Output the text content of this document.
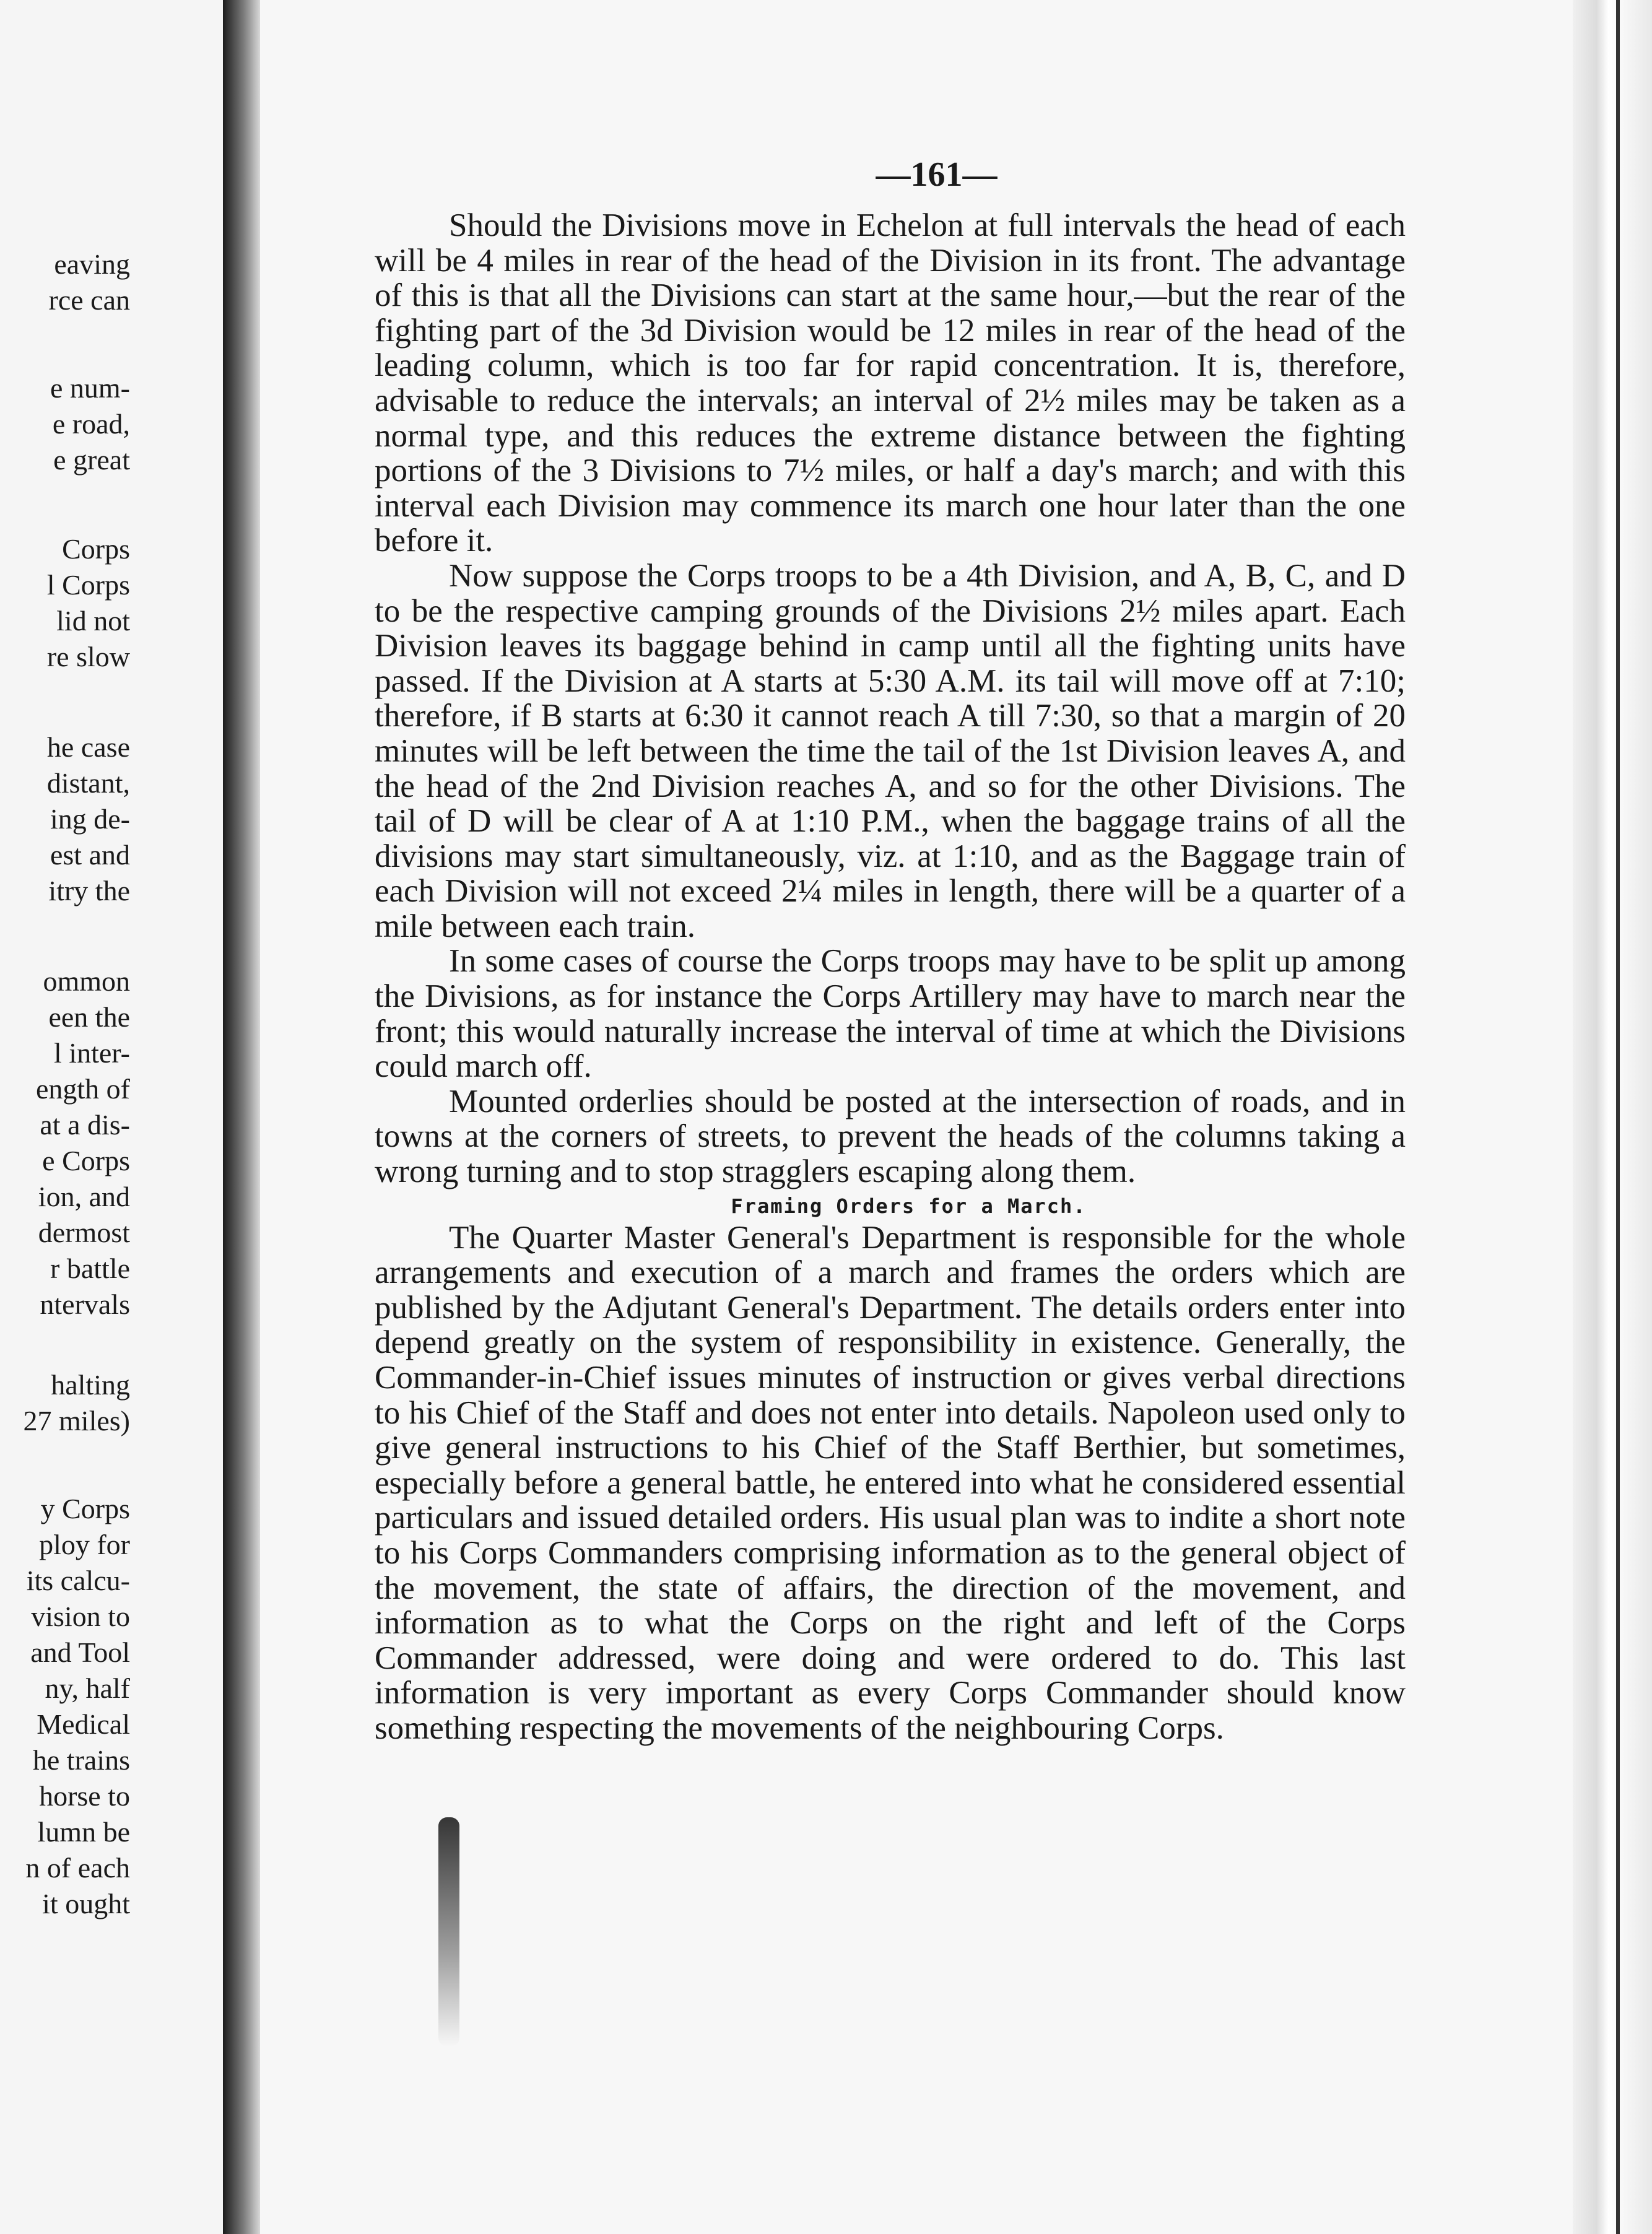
eaving
rce can
e num-
e road,
e great
Corps
l Corps
lid not
re slow
he case
distant,
ing de-
est and
itry the
ommon
een the
l inter-
ength of
at a dis-
e Corps
ion, and
dermost
r battle
ntervals
halting
27 miles)
y Corps
ploy for
its calcu-
vision to
and Tool
ny, half
Medical
he trains
horse to
lumn be
n of each
it ought
—161—

Should the Divisions move in Echelon at full intervals the head of each will be 4 miles in rear of the head of the Division in its front. The advantage of this is that all the Divisions can start at the same hour,—but the rear of the fighting part of the 3d Division would be 12 miles in rear of the head of the leading column, which is too far for rapid concentration. It is, therefore, advisable to reduce the intervals; an interval of 2½ miles may be taken as a normal type, and this reduces the extreme distance between the fighting portions of the 3 Divisions to 7½ miles, or half a day's march; and with this interval each Division may commence its march one hour later than the one before it.

Now suppose the Corps troops to be a 4th Division, and A, B, C, and D to be the respective camping grounds of the Divisions 2½ miles apart. Each Division leaves its baggage behind in camp until all the fighting units have passed. If the Division at A starts at 5:30 A.M. its tail will move off at 7:10; therefore, if B starts at 6:30 it cannot reach A till 7:30, so that a margin of 20 minutes will be left between the time the tail of the 1st Division leaves A, and the head of the 2nd Division reaches A, and so for the other Divisions. The tail of D will be clear of A at 1:10 P.M., when the baggage trains of all the divisions may start simultaneously, viz. at 1:10, and as the Baggage train of each Division will not exceed 2¼ miles in length, there will be a quarter of a mile between each train.

In some cases of course the Corps troops may have to be split up among the Divisions, as for instance the Corps Artillery may have to march near the front; this would naturally increase the interval of time at which the Divisions could march off.

Mounted orderlies should be posted at the intersection of roads, and in towns at the corners of streets, to prevent the heads of the columns taking a wrong turning and to stop stragglers escaping along them.

Framing Orders for a March.

The Quarter Master General's Department is responsible for the whole arrangements and execution of a march and frames the orders which are published by the Adjutant General's Department. The details orders enter into depend greatly on the system of responsibility in existence. Generally, the Commander-in-Chief issues minutes of instruction or gives verbal directions to his Chief of the Staff and does not enter into details. Napoleon used only to give general instructions to his Chief of the Staff Berthier, but sometimes, especially before a general battle, he entered into what he considered essential particulars and issued detailed orders. His usual plan was to indite a short note to his Corps Commanders comprising information as to the general object of the movement, the state of affairs, the direction of the movement, and information as to what the Corps on the right and left of the Corps Commander addressed, were doing and were ordered to do. This last information is very important as every Corps Commander should know something respecting the movements of the neighbouring Corps.
